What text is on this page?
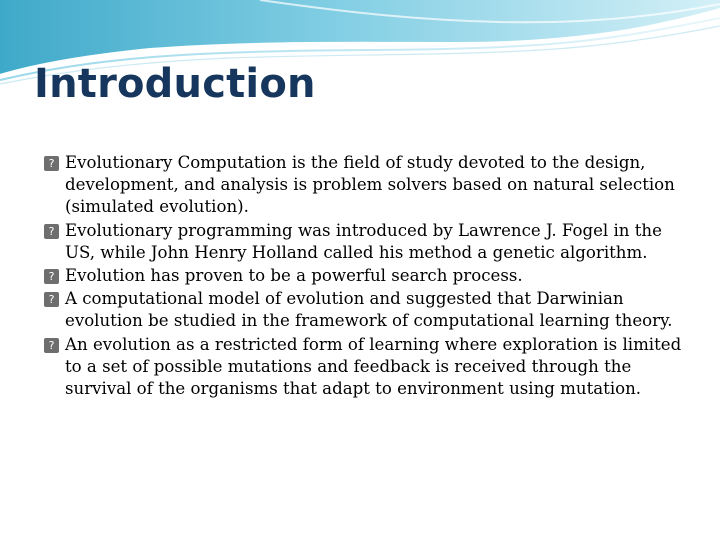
Introduction
? Evolutionary Computation is the field of study devoted to the design, development, and analysis is problem solvers based on natural selection (simulated evolution).
? Evolutionary programming was introduced by Lawrence J. Fogel in the US, while John Henry Holland called his method a genetic algorithm.
? Evolution has proven to be a powerful search process.
? A computational model of evolution and suggested that Darwinian evolution be studied in the framework of computational learning theory.
? An evolution as a restricted form of learning where exploration is limited to a set of possible mutations and feedback is received through the survival of the organisms that adapt to environment using mutation.
